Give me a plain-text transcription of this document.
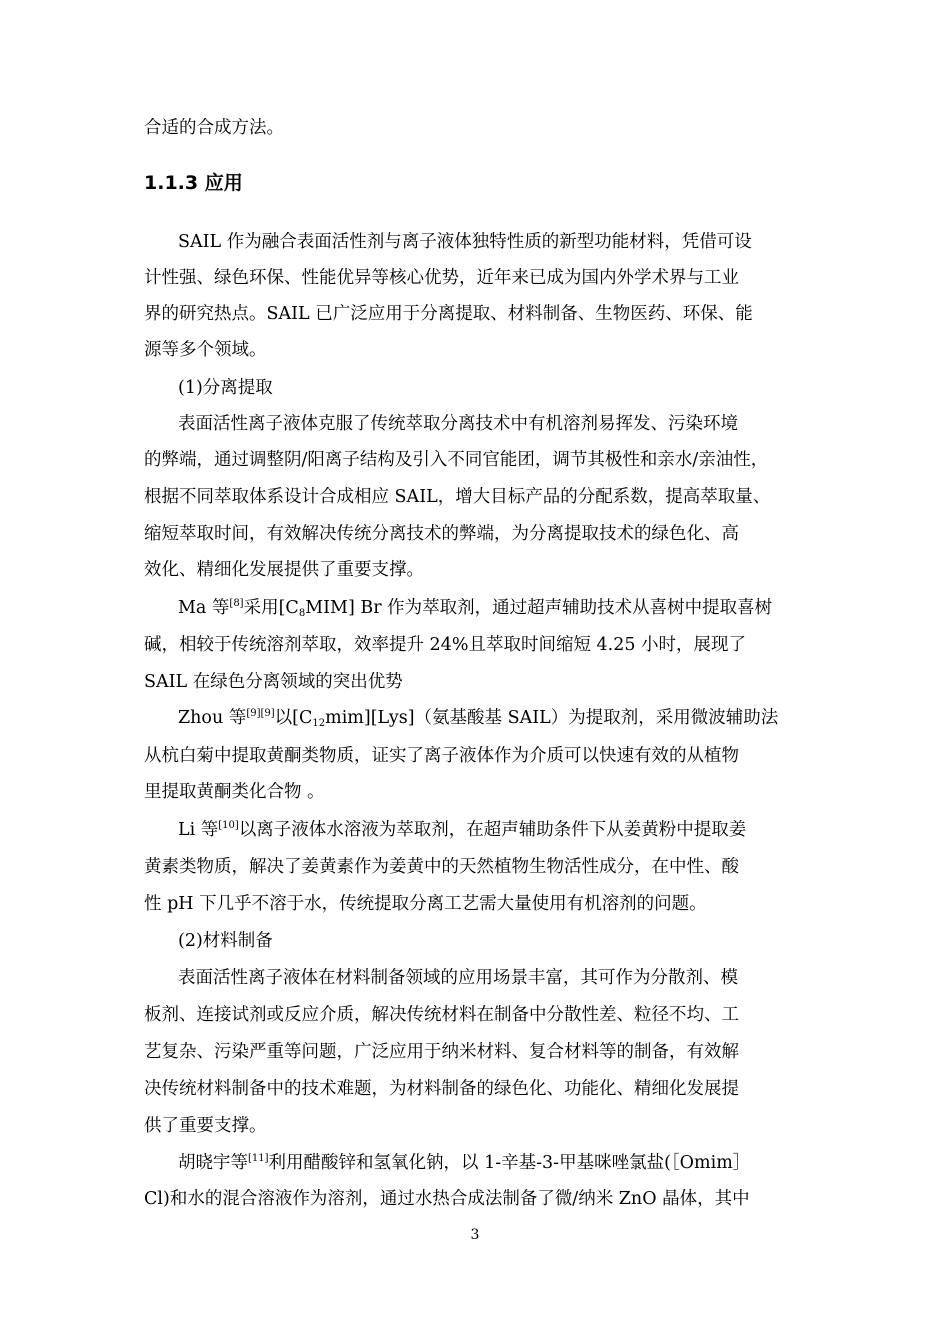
合适的合成方法。
1.1.3 应用
SAIL 作为融合表面活性剂与离子液体独特性质的新型功能材料，凭借可设
计性强、绿色环保、性能优异等核心优势，近年来已成为国内外学术界与工业
界的研究热点。SAIL 已广泛应用于分离提取、材料制备、生物医药、环保、能
源等多个领域。
(1)分离提取
表面活性离子液体克服了传统萃取分离技术中有机溶剂易挥发、污染环境
的弊端，通过调整阴/阳离子结构及引入不同官能团，调节其极性和亲水/亲油性，
根据不同萃取体系设计合成相应 SAIL，增大目标产品的分配系数，提高萃取量、
缩短萃取时间，有效解决传统分离技术的弊端，为分离提取技术的绿色化、高
效化、精细化发展提供了重要支撑。
Ma 等[8]采用$[C_8MIM]$ Br 作为萃取剂，通过超声辅助技术从喜树中提取喜树
碱，相较于传统溶剂萃取，效率提升 24%且萃取时间缩短 4.25 小时，展现了
SAIL 在绿色分离领域的突出优势
Zhou 等[9][9]以$[C_{12}mim][Lys]$（氨基酸基 SAIL）为提取剂，采用微波辅助法
从杭白菊中提取黄酮类物质，证实了离子液体作为介质可以快速有效的从植物
里提取黄酮类化合物 。
Li 等[10]以离子液体水溶液为萃取剂，在超声辅助条件下从姜黄粉中提取姜
黄素类物质，解决了姜黄素作为姜黄中的天然植物生物活性成分，在中性、酸
性 pH 下几乎不溶于水，传统提取分离工艺需大量使用有机溶剂的问题。
(2)材料制备
表面活性离子液体在材料制备领域的应用场景丰富，其可作为分散剂、模
板剂、连接试剂或反应介质，解决传统材料在制备中分散性差、粒径不均、工
艺复杂、污染严重等问题，广泛应用于纳米材料、复合材料等的制备，有效解
决传统材料制备中的技术难题，为材料制备的绿色化、功能化、精细化发展提
供了重要支撑。
胡晓宇等[11]利用醋酸锌和氢氧化钠，以 1-辛基-3-甲基咪唑氯盐(［Omim］
Cl)和水的混合溶液作为溶剂，通过水热合成法制备了微/纳米 ZnO 晶体，其中
3
